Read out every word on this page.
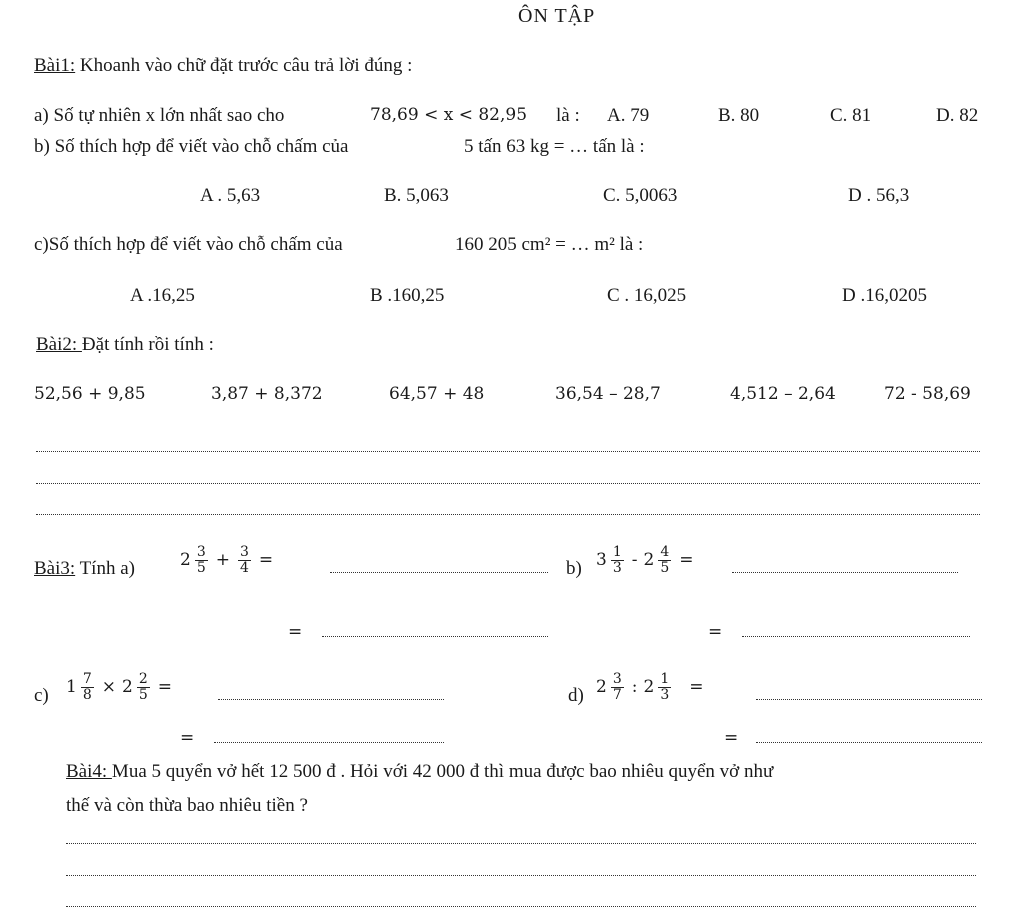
ÔN TẬP
Bài1: Khoanh vào chữ đặt trước câu trả lời đúng :
a) Số tự nhiên x lớn nhất sao cho	78,69 < x < 82,95 là : A. 79	B. 80	C. 81	D. 82
b) Số thích hợp để viết vào chỗ chấm của	5 tấn 63 kg = … tấn là :
A . 5,63	B. 5,063	C. 5,0063	D . 56,3
c)Số thích hợp để viết vào chỗ chấm của	160 205 cm² = … m² là :
A .16,25	B .160,25	C . 16,025	D .16,0205
Bài2: Đặt tính rồi tính :
52,56 + 9,85	3,87 + 8,372	64,57 + 48	36,54 – 28,7	4,512 – 2,64	72 - 58,69
Bài3: Tính a)	$2 \frac{3}{5} + \frac{3}{4}$ =
=
b) $3 \frac{1}{3} - 2 \frac{4}{5}$ =
=
c) $1 \frac{7}{8} \times 2 \frac{2}{5}$ =
=
d) $2 \frac{3}{7}$ : $2 \frac{1}{3}$ =
=
Bài4: Mua 5 quyển vở hết 12 500 đ . Hỏi với 42 000 đ thì mua được bao nhiêu quyển vở như
thế và còn thừa bao nhiêu tiền ?
